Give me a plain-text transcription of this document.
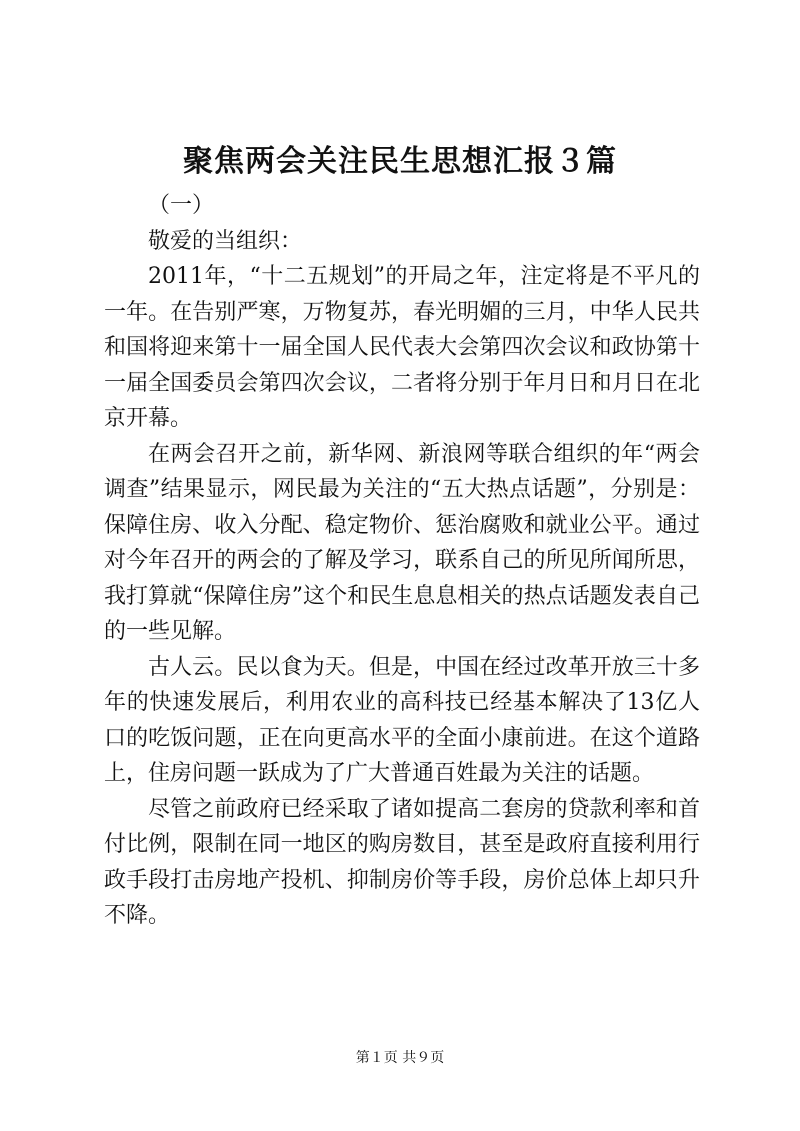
聚焦两会关注民生思想汇报３篇

（一）

敬爱的当组织：

2011年，“十二五规划”的开局之年，注定将是不平凡的一年。在告别严寒，万物复苏，春光明媚的三月，中华人民共和国将迎来第十一届全国人民代表大会第四次会议和政协第十一届全国委员会第四次会议，二者将分别于年月日和月日在北京开幕。

在两会召开之前，新华网、新浪网等联合组织的年“两会调查”结果显示，网民最为关注的“五大热点话题”，分别是：保障住房、收入分配、稳定物价、惩治腐败和就业公平。通过对今年召开的两会的了解及学习，联系自己的所见所闻所思，我打算就“保障住房”这个和民生息息相关的热点话题发表自己的一些见解。

古人云。民以食为天。但是，中国在经过改革开放三十多年的快速发展后，利用农业的高科技已经基本解决了13亿人口的吃饭问题，正在向更高水平的全面小康前进。在这个道路上，住房问题一跃成为了广大普通百姓最为关注的话题。

尽管之前政府已经采取了诸如提高二套房的贷款利率和首付比例，限制在同一地区的购房数目，甚至是政府直接利用行政手段打击房地产投机、抑制房价等手段，房价总体上却只升不降。

第１页 共９页
